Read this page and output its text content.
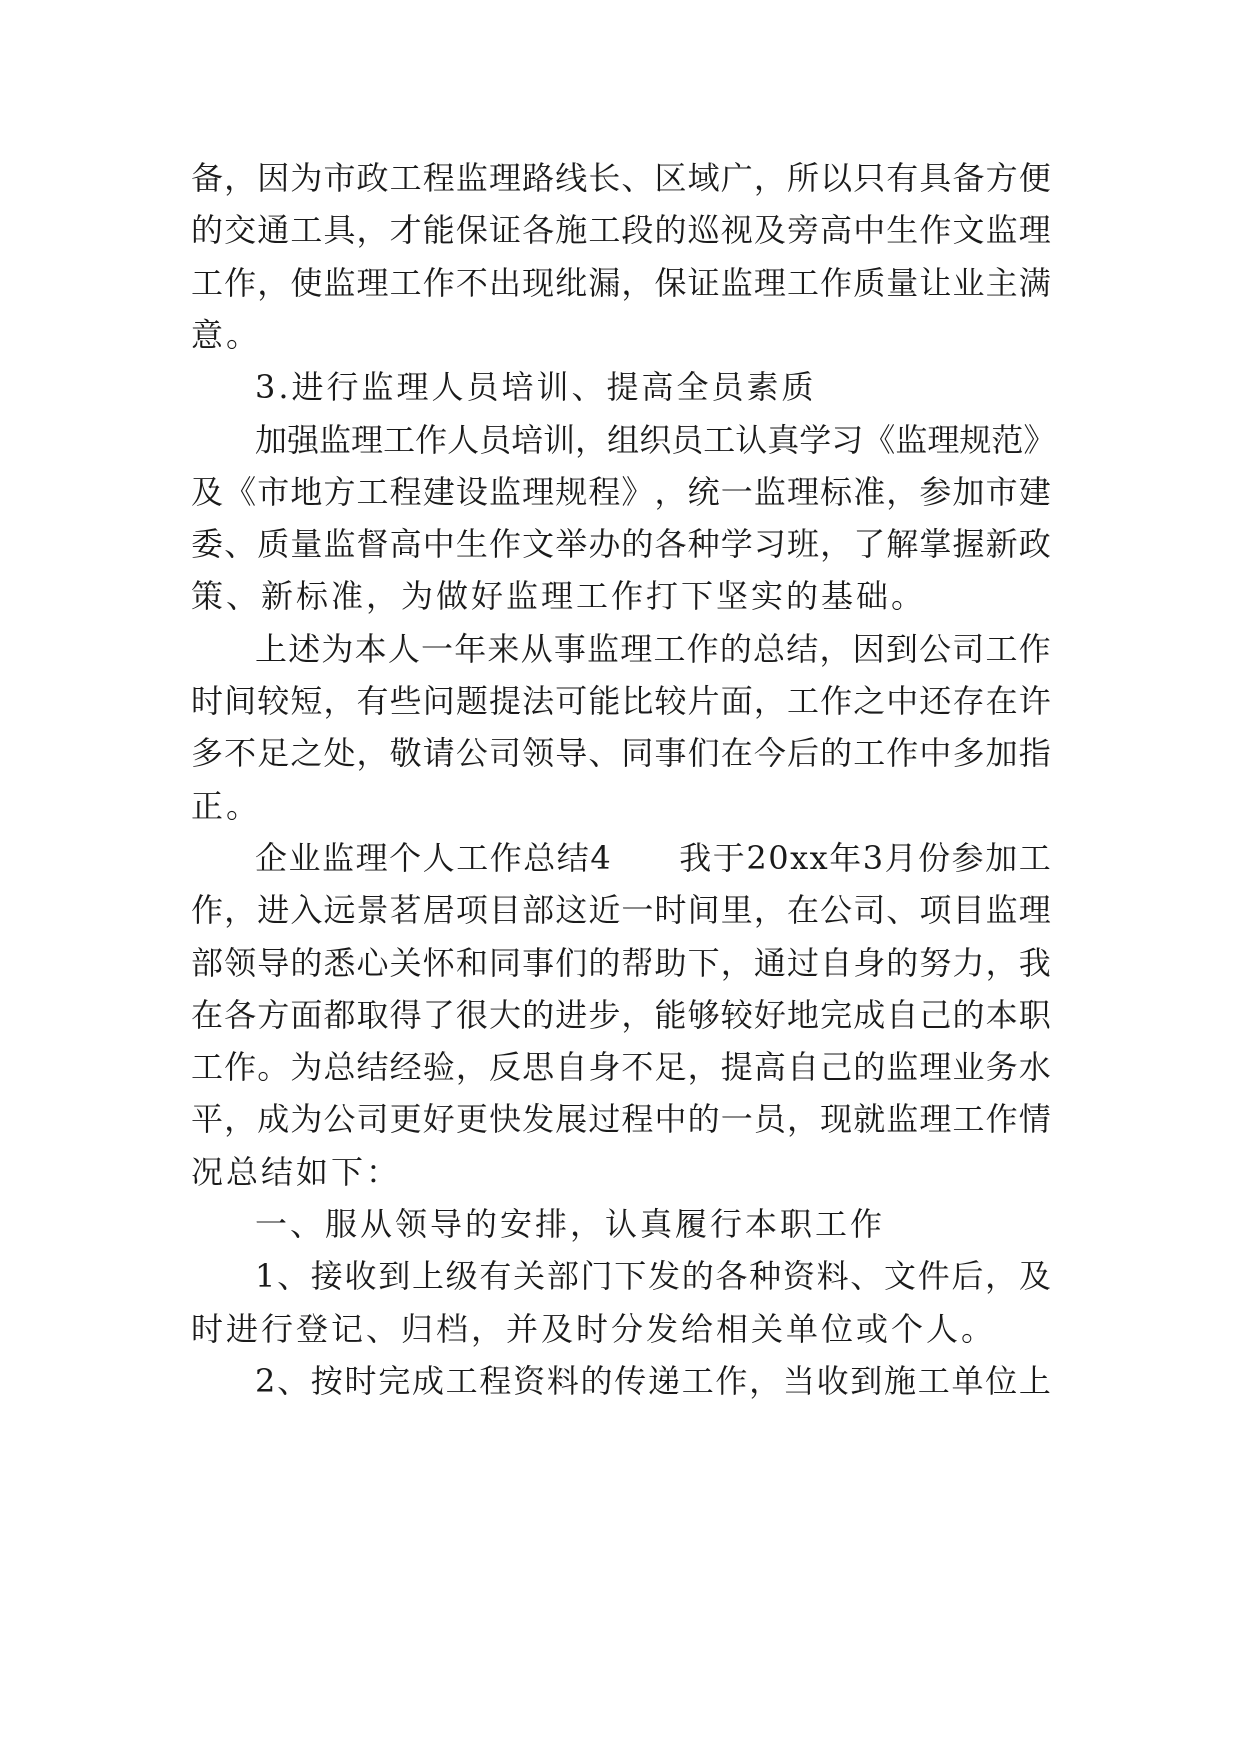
备 ， 因 为 市 政 工 程 监 理 路 线 长 、 区 域 广 ， 所 以 只 有 具 备 方 便
的 交 通 工 具 ， 才 能 保 证 各 施 工 段 的 巡 视 及 旁 高 中 生 作 文 监 理
工 作 ， 使 监 理 工 作 不 出 现 纰 漏 ， 保 证 监 理 工 作 质 量 让 业 主 满
意。
3.进行监理人员培训、提高全员素质
加 强 监 理 工 作 人 员 培 训 ， 组 织 员 工 认 真 学 习 《 监 理 规 范 》
及 《 市 地 方 工 程 建 设 监 理 规 程 》 ， 统 一 监 理 标 准 ， 参 加 市 建
委 、 质 量 监 督 高 中 生 作 文 举 办 的 各 种 学 习 班 ， 了 解 掌 握 新 政
策、新标准，为做好监理工作打下坚实的基础。
上 述 为 本 人 一 年 来 从 事 监 理 工 作 的 总 结 ， 因 到 公 司 工 作
时 间 较 短 ， 有 些 问 题 提 法 可 能 比 较 片 面 ， 工 作 之 中 还 存 在 许
多 不 足 之 处 ， 敬 请 公 司 领 导 、 同 事 们 在 今 后 的 工 作 中 多 加 指
正。
企 业 监 理 个 人 工 作 总 结 4

　 我 于 2 0 x x 年 3 月 份 参 加 工
作 ， 进 入 远 景 茗 居 项 目 部 这 近 一 时 间 里 ， 在 公 司 、 项 目 监 理
部 领 导 的 悉 心 关 怀 和 同 事 们 的 帮 助 下 ， 通 过 自 身 的 努 力 ， 我
在 各 方 面 都 取 得 了 很 大 的 进 步 ， 能 够 较 好 地 完 成 自 己 的 本 职
工 作 。 为 总 结 经 验 ， 反 思 自 身 不 足 ， 提 高 自 己 的 监 理 业 务 水
平 ， 成 为 公 司 更 好 更 快 发 展 过 程 中 的 一 员 ， 现 就 监 理 工 作 情
况总结如下：
一、服从领导的安排，认真履行本职工作
1 、 接 收 到 上 级 有 关 部 门 下 发 的 各 种 资 料 、 文 件 后 ， 及
时进行登记、归档，并及时分发给相关单位或个人。
2 、 按 时 完 成 工 程 资 料 的 传 递 工 作 ， 当 收 到 施 工 单 位 上
